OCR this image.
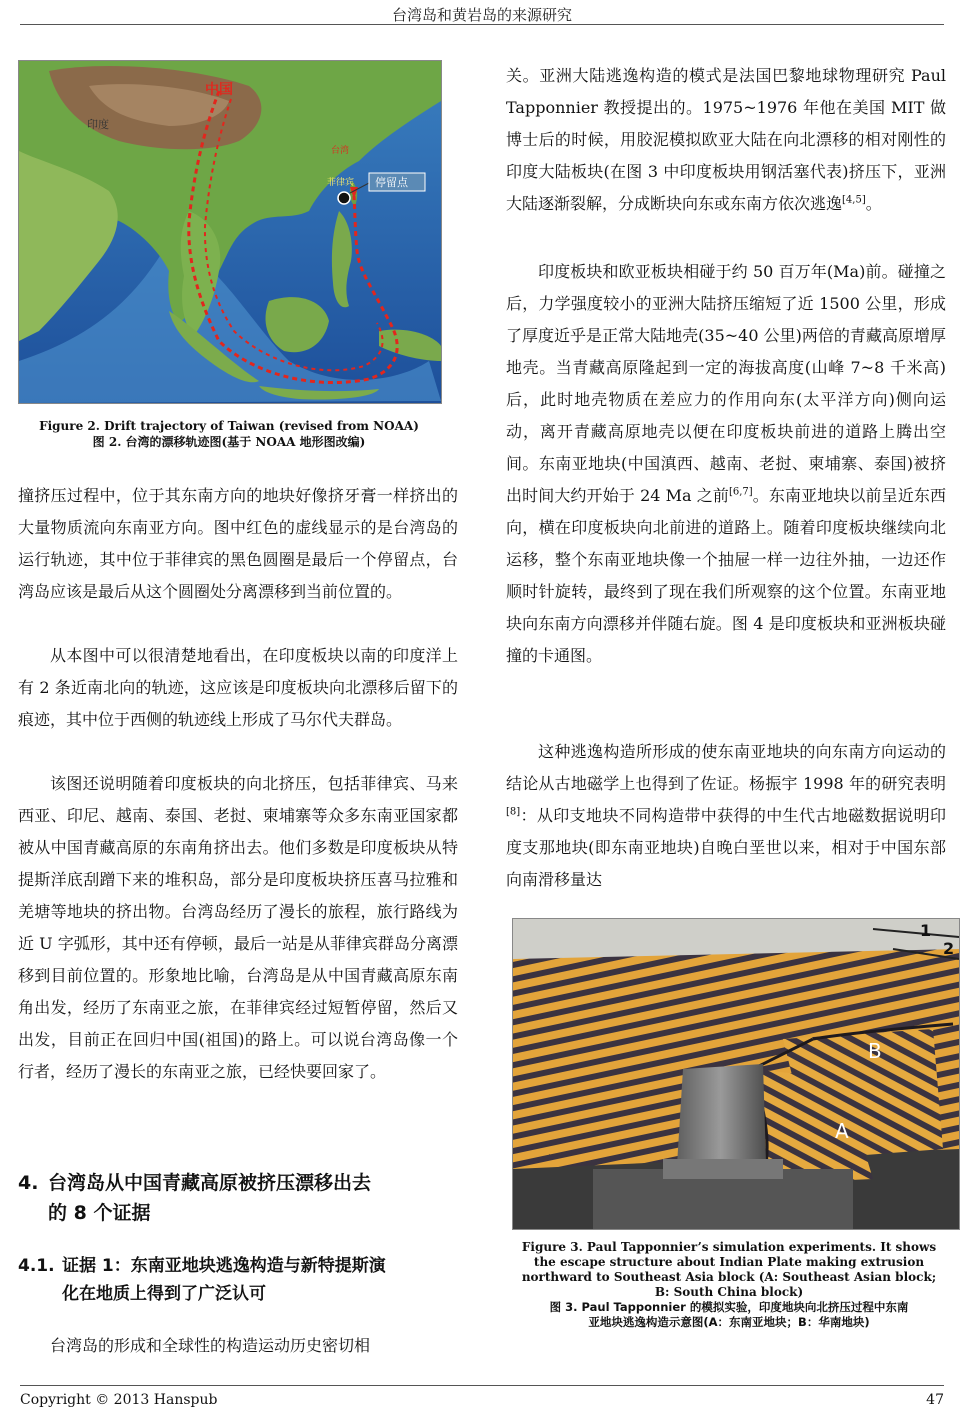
台湾岛和黄岩岛的来源研究
中国
印度
台湾
菲律宾 停留点

Figure 2. Drift trajectory of Taiwan (revised from NOAA)

图 2. 台湾的漂移轨迹图(基于 NOAA 地形图改编)

撞挤压过程中，位于其东南方向的地块好像挤牙膏一样挤出的大量物质流向东南亚方向。图中红色的虚线显示的是台湾岛的运行轨迹，其中位于菲律宾的黑色圆圈是最后一个停留点，台湾岛应该是最后从这个圆圈处分离漂移到当前位置的。

从本图中可以很清楚地看出，在印度板块以南的印度洋上有 2 条近南北向的轨迹，这应该是印度板块向北漂移后留下的痕迹，其中位于西侧的轨迹线上形成了马尔代夫群岛。

该图还说明随着印度板块的向北挤压，包括菲律宾、马来西亚、印尼、越南、泰国、老挝、柬埔寨等众多东南亚国家都被从中国青藏高原的东南角挤出去。他们多数是印度板块从特提斯洋底刮蹭下来的堆积岛，部分是印度板块挤压喜马拉雅和羌塘等地块的挤出物。台湾岛经历了漫长的旅程，旅行路线为近 U 字弧形，其中还有停顿，最后一站是从菲律宾群岛分离漂移到目前位置的。形象地比喻，台湾岛是从中国青藏高原东南角出发，经历了东南亚之旅，在菲律宾经过短暂停留，然后又出发，目前正在回归中国(祖国)的路上。可以说台湾岛像一个行者，经历了漫长的东南亚之旅，已经快要回家了。

4. 台湾岛从中国青藏高原被挤压漂移出去
的 8 个证据
4.1. 证据 1：东南亚地块逃逸构造与新特提斯演
化在地质上得到了广泛认可

台湾岛的形成和全球性的构造运动历史密切相

关。亚洲大陆逃逸构造的模式是法国巴黎地球物理研究 Paul Tapponnier 教授提出的。1975~1976 年他在美国 MIT 做博士后的时候，用胶泥模拟欧亚大陆在向北漂移的相对刚性的印度大陆板块(在图 3 中印度板块用钢活塞代表)挤压下，亚洲大陆逐渐裂解，分成断块向东或东南方依次逃逸[4,5]。

印度板块和欧亚板块相碰于约 50 百万年(Ma)前。碰撞之后，力学强度较小的亚洲大陆挤压缩短了近 1500 公里，形成了厚度近乎是正常大陆地壳(35~40 公里)两倍的青藏高原增厚地壳。当青藏高原隆起到一定的海拔高度(山峰 7~8 千米高)后，此时地壳物质在差应力的作用向东(太平洋方向)侧向运动，离开青藏高原地壳以便在印度板块前进的道路上腾出空间。东南亚地块(中国滇西、越南、老挝、柬埔寨、泰国)被挤出时间大约开始于 24 Ma 之前[6,7]。东南亚地块以前呈近东西向，横在印度板块向北前进的道路上。随着印度板块继续向北运移，整个东南亚地块像一个抽屉一样一边往外抽，一边还作顺时针旋转，最终到了现在我们所观察的这个位置。东南亚地块向东南方向漂移并伴随右旋。图 4 是印度板块和亚洲板块碰撞的卡通图。

这种逃逸构造所形成的使东南亚地块的向东南方向运动的结论从古地磁学上也得到了佐证。杨振宇 1998 年的研究表明[8]：从印支地块不同构造带中获得的中生代古地磁数据说明印度支那地块(即东南亚地块)自晚白垩世以来，相对于中国东部向南滑移量达

B
A
1
2

Figure 3. Paul Tapponnier’s simulation experiments. It shows

the escape structure about Indian Plate making extrusion

northward to Southeast Asia block (A: Southeast Asian block;

B: South China block)

图 3. Paul Tapponnier 的模拟实验，印度地块向北挤压过程中东南

亚地块逃逸构造示意图(A：东南亚地块；B：华南地块)

Copyright © 2013 Hanspub	47
